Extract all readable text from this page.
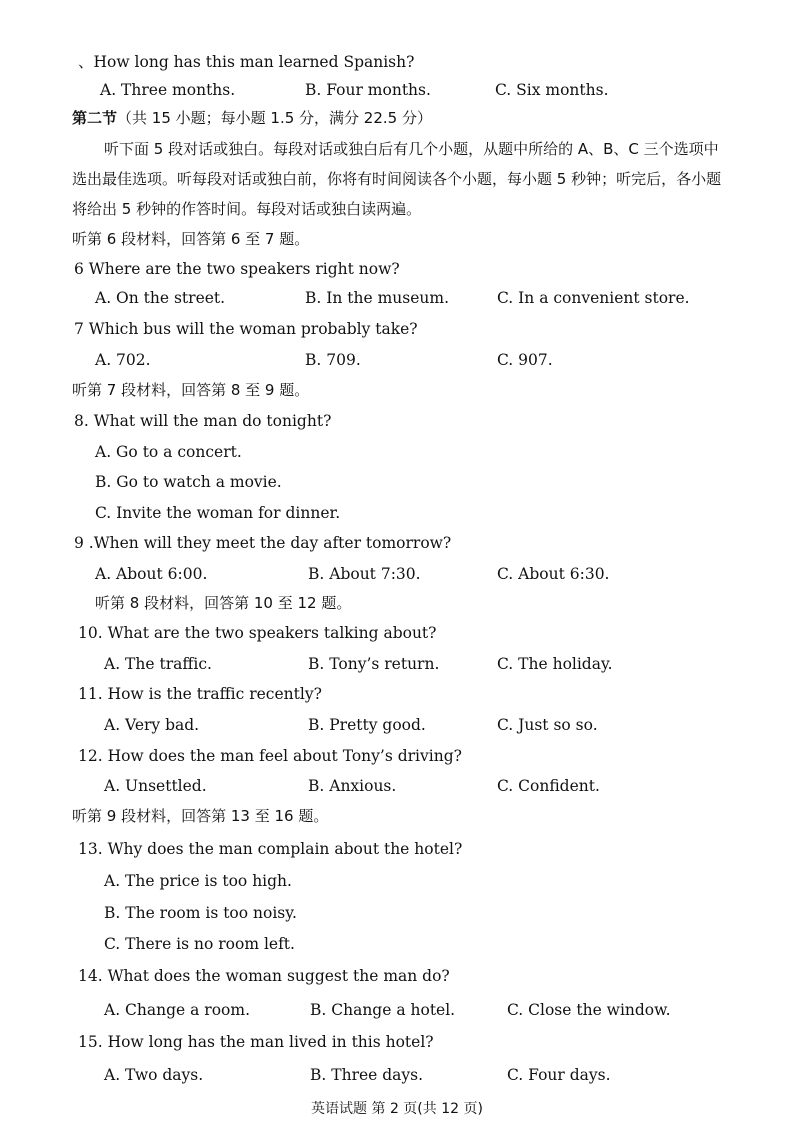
、How long has this man learned Spanish?
A. Three months.	B. Four months.	C. Six months.
第二节（共 15 小题；每小题 1.5 分，满分 22.5 分）
听下面 5 段对话或独白。每段对话或独白后有几个小题，从题中所给的 A、B、C 三个选项中
选出最佳选项。听每段对话或独白前，你将有时间阅读各个小题，每小题 5 秒钟；听完后，各小题
将给出 5 秒钟的作答时间。每段对话或独白读两遍。
听第 6 段材料，回答第 6 至 7 题。
6 Where are the two speakers right now?
A. On the street.	B. In the museum.	C. In a convenient store.
7 Which bus will the woman probably take?
A. 702.	B. 709.	C. 907.
听第 7 段材料，回答第 8 至 9 题。
8. What will the man do tonight?
A. Go to a concert.
B. Go to watch a movie.
C. Invite the woman for dinner.
9 .When will they meet the day after tomorrow?
A. About 6:00.	B. About 7:30.	C. About 6:30.
听第 8 段材料，回答第 10 至 12 题。
10. What are the two speakers talking about?
A. The traffic.	B. Tony’s return.	C. The holiday.
11. How is the traffic recently?
A. Very bad.	B. Pretty good.	C. Just so so.
12. How does the man feel about Tony’s driving?
A. Unsettled.	B. Anxious.	C. Confident.
听第 9 段材料，回答第 13 至 16 题。
13. Why does the man complain about the hotel?
A. The price is too high.
B. The room is too noisy.
C. There is no room left.
14. What does the woman suggest the man do?
A. Change a room.	B. Change a hotel.	C. Close the window.
15. How long has the man lived in this hotel?
A. Two days.	B. Three days.	C. Four days.
英语试题 第 2 页(共 12 页)
